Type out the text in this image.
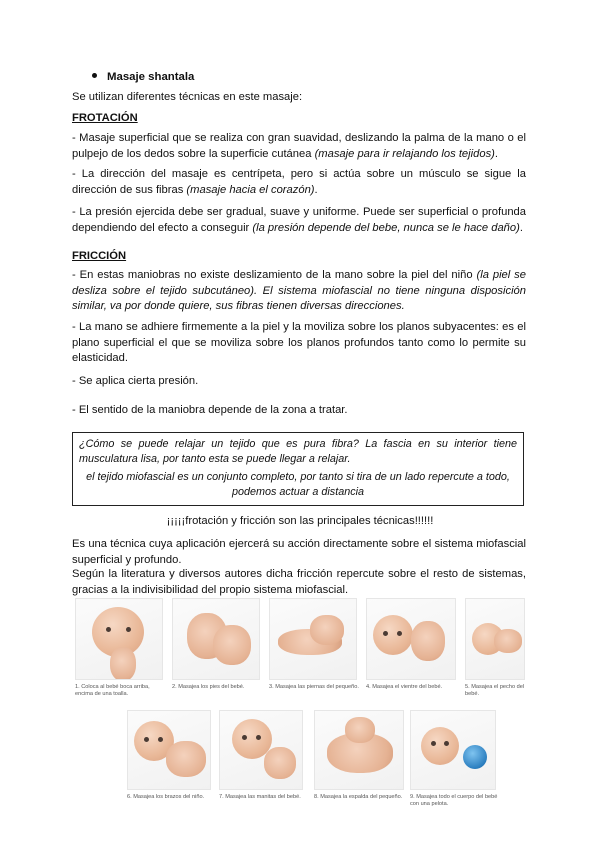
Masaje shantala
Se utilizan diferentes técnicas en este masaje:
FROTACIÓN
- Masaje superficial que se realiza con gran suavidad, deslizando la palma de la mano o el pulpejo de los dedos sobre la superficie cutánea (masaje para ir relajando los tejidos).
- La dirección del masaje es centrípeta, pero si actúa sobre un músculo se sigue la dirección de sus fibras (masaje hacia el corazón).
- La presión ejercida debe ser gradual, suave y uniforme. Puede ser superficial o profunda dependiendo del efecto a conseguir (la presión depende del bebe, nunca se le hace daño).
FRICCIÓN
- En estas maniobras no existe deslizamiento de la mano sobre la piel del niño (la piel se desliza sobre el tejido subcutáneo). El sistema miofascial no tiene ninguna disposición similar, va por donde quiere, sus fibras tienen diversas direcciones.
- La mano se adhiere firmemente a la piel y la moviliza sobre los planos subyacentes: es el plano superficial el que se moviliza sobre los planos profundos tanto como lo permite su elasticidad.
- Se aplica cierta presión.
- El sentido de la maniobra depende de la zona a tratar.
¿Cómo se puede relajar un tejido que es pura fibra? La fascia en su interior tiene musculatura lisa, por tanto esta se puede llegar a relajar.
el tejido miofascial es un conjunto completo, por tanto si tira de un lado repercute a todo, podemos actuar a distancia
¡¡¡¡¡frotación y fricción son las principales técnicas!!!!!!
Es una técnica cuya aplicación ejercerá su acción directamente sobre el sistema miofascial superficial y profundo.
Según la literatura y diversos autores dicha fricción repercute sobre el resto de sistemas, gracias a la indivisibilidad del propio sistema miofascial.
1. Coloca al bebé boca arriba, encima de una toalla.
2. Masajea los pies del bebé.	3. Masajea las piernas del pequeño.	4. Masajea el vientre del bebé.	5. Masajea el pecho del bebé.
6. Masajea los brazos del niño.	7. Masajea las manitas del bebé.	8. Masajea la espalda del pequeño.	9. Masajea todo el cuerpo del bebé con una pelota.
